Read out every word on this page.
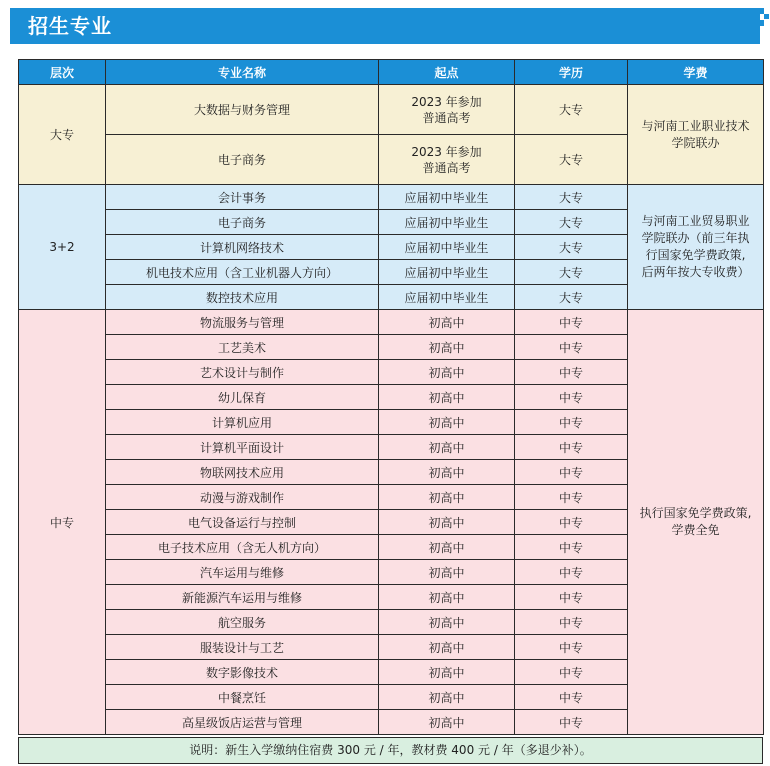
招生专业
层次	专业名称	起点	学历	学费
大专	大数据与财务管理	2023 年参加
普通高考	大专	与河南工业职业技术
学院联办
	电子商务	2023 年参加
普通高考	大专	
3+2	会计事务	应届初中毕业生	大专	与河南工业贸易职业
学院联办（前三年执
行国家免学费政策,
后两年按大专收费）
	电子商务	应届初中毕业生	大专	
	计算机网络技术	应届初中毕业生	大专	
	机电技术应用（含工业机器人方向）	应届初中毕业生	大专	
	数控技术应用	应届初中毕业生	大专	
中专	物流服务与管理	初高中	中专	执行国家免学费政策,
学费全免
	工艺美术	初高中	中专	
	艺术设计与制作	初高中	中专	
	幼儿保育	初高中	中专	
	计算机应用	初高中	中专	
	计算机平面设计	初高中	中专	
	物联网技术应用	初高中	中专	
	动漫与游戏制作	初高中	中专	
	电气设备运行与控制	初高中	中专	
	电子技术应用（含无人机方向）	初高中	中专	
	汽车运用与维修	初高中	中专	
	新能源汽车运用与维修	初高中	中专	
	航空服务	初高中	中专	
	服装设计与工艺	初高中	中专	
	数字影像技术	初高中	中专	
	中餐烹饪	初高中	中专	
	高星级饭店运营与管理	初高中	中专	
说明：新生入学缴纳住宿费 300 元 / 年，教材费 400 元 / 年（多退少补）。
